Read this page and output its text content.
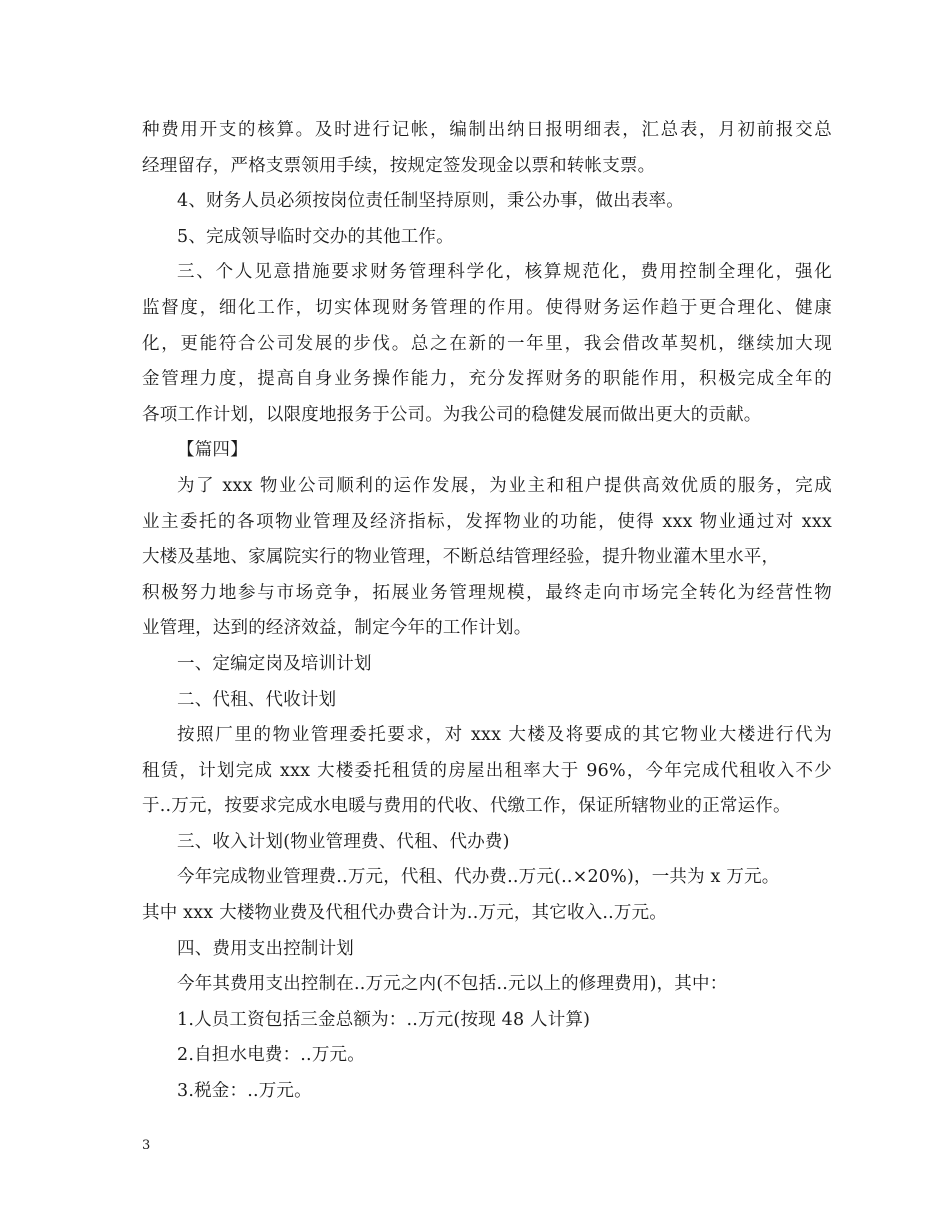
种费用开支的核算。及时进行记帐，编制出纳日报明细表，汇总表，月初前报交总
经理留存，严格支票领用手续，按规定签发现金以票和转帐支票。
4、财务人员必须按岗位责任制坚持原则，秉公办事，做出表率。
5、完成领导临时交办的其他工作。
三、个人见意措施要求财务管理科学化，核算规范化，费用控制全理化，强化
监督度，细化工作，切实体现财务管理的作用。使得财务运作趋于更合理化、健康
化，更能符合公司发展的步伐。总之在新的一年里，我会借改革契机，继续加大现
金管理力度，提高自身业务操作能力，充分发挥财务的职能作用，积极完成全年的
各项工作计划，以限度地报务于公司。为我公司的稳健发展而做出更大的贡献。
【篇四】
为了 xxx 物业公司顺利的运作发展，为业主和租户提供高效优质的服务，完成
业主委托的各项物业管理及经济指标，发挥物业的功能，使得 xxx 物业通过对 xxx
大楼及基地、家属院实行的物业管理，不断总结管理经验，提升物业灌木里水平，
积极努力地参与市场竞争，拓展业务管理规模，最终走向市场完全转化为经营性物
业管理，达到的经济效益，制定今年的工作计划。
一、定编定岗及培训计划
二、代租、代收计划
按照厂里的物业管理委托要求，对 xxx 大楼及将要成的其它物业大楼进行代为
租赁，计划完成 xxx 大楼委托租赁的房屋出租率大于 96%，今年完成代租收入不少
于..万元，按要求完成水电暖与费用的代收、代缴工作，保证所辖物业的正常运作。
三、收入计划(物业管理费、代租、代办费)
今年完成物业管理费..万元，代租、代办费..万元(..×20%)，一共为 x 万元。
其中 xxx 大楼物业费及代租代办费合计为..万元，其它收入..万元。
四、费用支出控制计划
今年其费用支出控制在..万元之内(不包括..元以上的修理费用)，其中：
1.人员工资包括三金总额为：..万元(按现 48 人计算)
2.自担水电费：..万元。
3.税金：..万元。
3
